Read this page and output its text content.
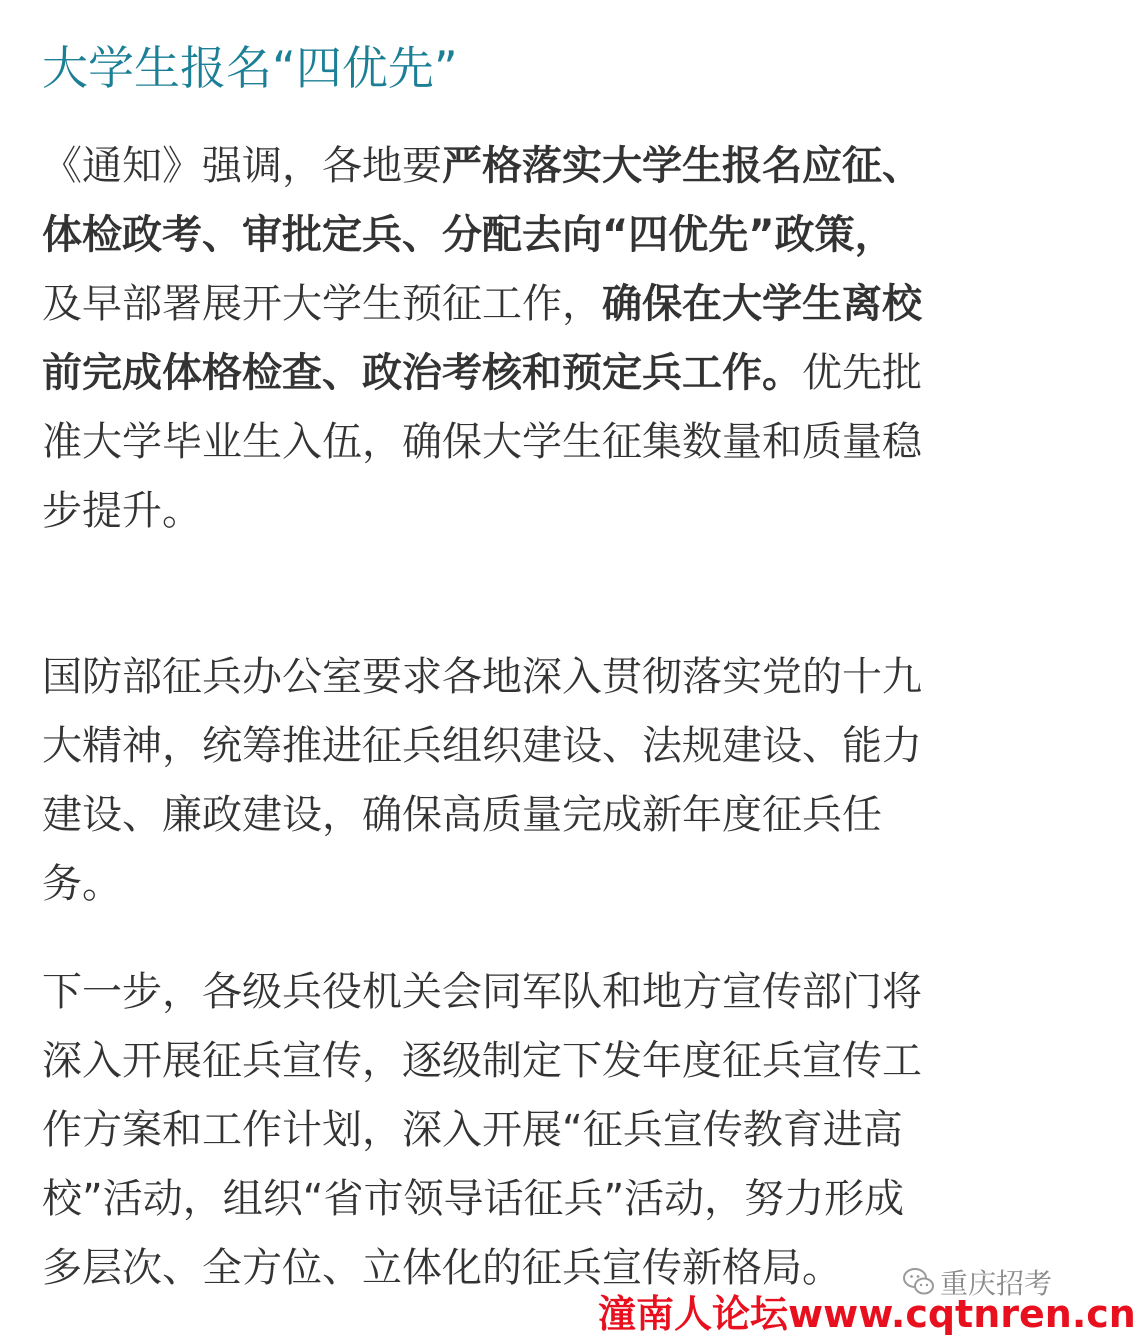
大学生报名“四优先”

《通知》强调，各地要严格落实大学生报名应征、
体检政考、审批定兵、分配去向“四优先”政策，
及早部署展开大学生预征工作，确保在大学生离校
前完成体格检查、政治考核和预定兵工作。优先批
准大学毕业生入伍，确保大学生征集数量和质量稳
步提升。

国防部征兵办公室要求各地深入贯彻落实党的十九
大精神，统筹推进征兵组织建设、法规建设、能力
建设、廉政建设，确保高质量完成新年度征兵任
务。

下一步，各级兵役机关会同军队和地方宣传部门将
深入开展征兵宣传，逐级制定下发年度征兵宣传工
作方案和工作计划，深入开展“征兵宣传教育进高
校”活动，组织“省市领导话征兵”活动，努力形成
多层次、全方位、立体化的征兵宣传新格局。	重庆招考
潼南人论坛www.cqtnren.cn
